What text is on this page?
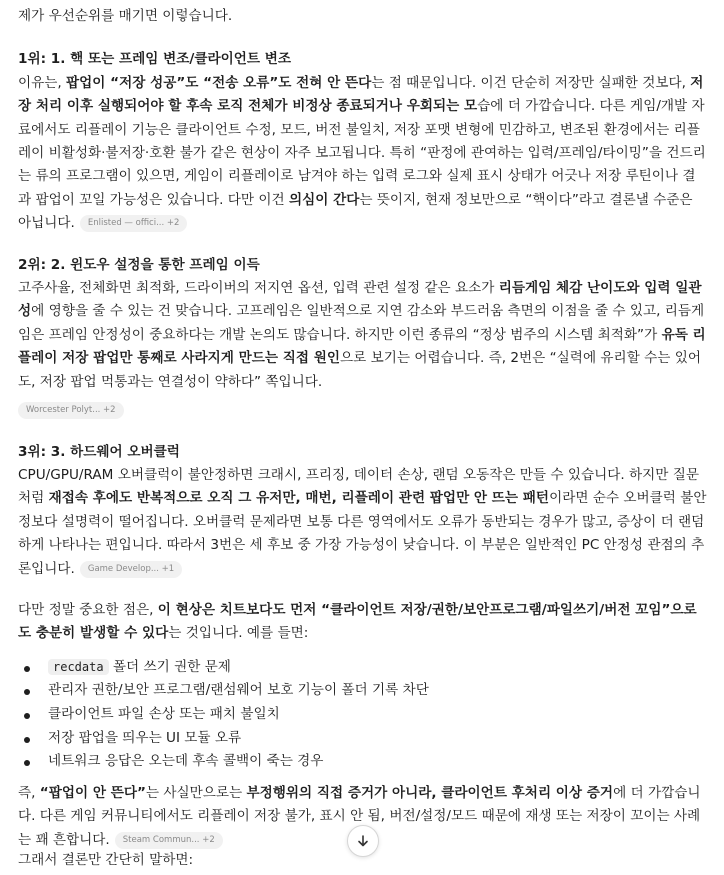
제가 우선순위를 매기면 이렇습니다.

1위: 1. 핵 또는 프레임 변조/클라이언트 변조

이유는, 팝업이 “저장 성공”도 “전송 오류”도 전혀 안 뜬다는 점 때문입니다. 이건 단순히 저장만 실패한 것보다, 저장 처리 이후 실행되어야 할 후속 로직 전체가 비정상 종료되거나 우회되는 모습에 더 가깝습니다. 다른 게임/개발 자료에서도 리플레이 기능은 클라이언트 수정, 모드, 버전 불일치, 저장 포맷 변형에 민감하고, 변조된 환경에서는 리플레이 비활성화·불저장·호환 불가 같은 현상이 자주 보고됩니다. 특히 “판정에 관여하는 입력/프레임/타이밍”을 건드리는 류의 프로그램이 있으면, 게임이 리플레이로 남겨야 하는 입력 로그와 실제 표시 상태가 어긋나 저장 루틴이나 결과 팝업이 꼬일 가능성은 있습니다. 다만 이건 의심이 간다는 뜻이지, 현재 정보만으로 “핵이다”라고 결론낼 수준은 아닙니다. Enlisted — offici... +2

2위: 2. 윈도우 설정을 통한 프레임 이득

고주사율, 전체화면 최적화, 드라이버의 저지연 옵션, 입력 관련 설정 같은 요소가 리듬게임 체감 난이도와 입력 일관성에 영향을 줄 수 있는 건 맞습니다. 고프레임은 일반적으로 지연 감소와 부드러움 측면의 이점을 줄 수 있고, 리듬게임은 프레임 안정성이 중요하다는 개발 논의도 많습니다. 하지만 이런 종류의 “정상 범주의 시스템 최적화”가 유독 리플레이 저장 팝업만 통째로 사라지게 만드는 직접 원인으로 보기는 어렵습니다. 즉, 2번은 “실력에 유리할 수는 있어도, 저장 팝업 먹통과는 연결성이 약하다” 쪽입니다.

Worcester Polyt... +2
3위: 3. 하드웨어 오버클럭

CPU/GPU/RAM 오버클럭이 불안정하면 크래시, 프리징, 데이터 손상, 랜덤 오동작은 만들 수 있습니다. 하지만 질문처럼 재접속 후에도 반복적으로 오직 그 유저만, 매번, 리플레이 관련 팝업만 안 뜨는 패턴이라면 순수 오버클럭 불안정보다 설명력이 떨어집니다. 오버클럭 문제라면 보통 다른 영역에서도 오류가 동반되는 경우가 많고, 증상이 더 랜덤하게 나타나는 편입니다. 따라서 3번은 세 후보 중 가장 가능성이 낮습니다. 이 부분은 일반적인 PC 안정성 관점의 추론입니다. Game Develop... +1

다만 정말 중요한 점은, 이 현상은 치트보다도 먼저 “클라이언트 저장/권한/보안프로그램/파일쓰기/버전 꼬임”으로도 충분히 발생할 수 있다는 것입니다. 예를 들면:

recdata 폴더 쓰기 권한 문제
관리자 권한/보안 프로그램/랜섬웨어 보호 기능이 폴더 기록 차단
클라이언트 파일 손상 또는 패치 불일치
저장 팝업을 띄우는 UI 모듈 오류
네트워크 응답은 오는데 후속 콜백이 죽는 경우

즉, “팝업이 안 뜬다”는 사실만으로는 부정행위의 직접 증거가 아니라, 클라이언트 후처리 이상 증거에 더 가깝습니다. 다른 게임 커뮤니티에서도 리플레이 저장 불가, 표시 안 됨, 버전/설정/모드 때문에 재생 또는 저장이 꼬이는 사례는 꽤 흔합니다. Steam Commun... +2

그래서 결론만 간단히 말하면:
